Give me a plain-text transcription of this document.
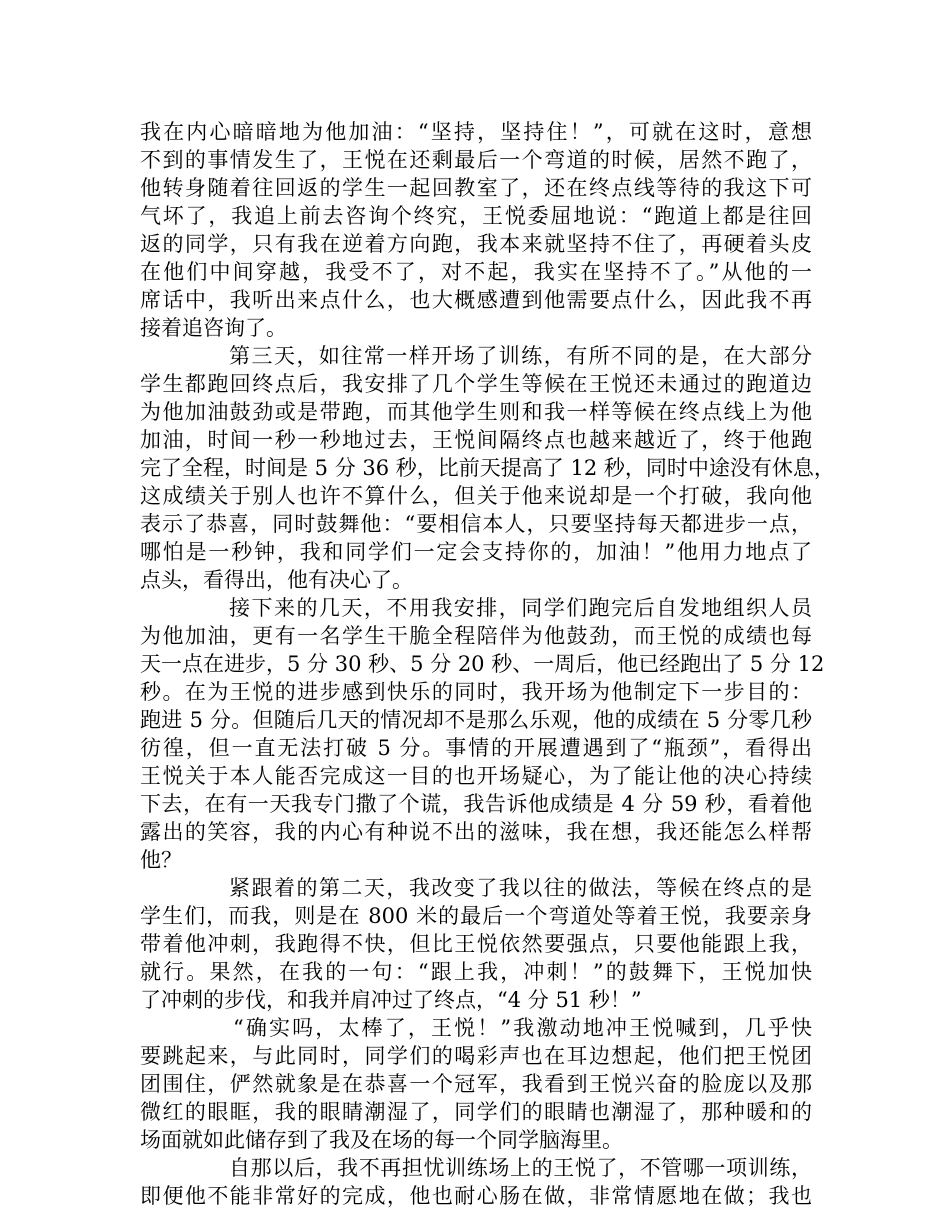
我在内心暗暗地为他加油：“坚持，坚持住！”，可就在这时，意想
不到的事情发生了，王悦在还剩最后一个弯道的时候，居然不跑了，
他转身随着往回返的学生一起回教室了，还在终点线等待的我这下可
气坏了，我追上前去咨询个终究，王悦委屈地说：“跑道上都是往回
返的同学，只有我在逆着方向跑，我本来就坚持不住了，再硬着头皮
在他们中间穿越，我受不了，对不起，我实在坚持不了。”从他的一
席话中，我听出来点什么，也大概感遭到他需要点什么，因此我不再
接着追咨询了。
第三天，如往常一样开场了训练，有所不同的是，在大部分
学生都跑回终点后，我安排了几个学生等候在王悦还未通过的跑道边
为他加油鼓劲或是带跑，而其他学生则和我一样等候在终点线上为他
加油，时间一秒一秒地过去，王悦间隔终点也越来越近了，终于他跑
完了全程，时间是 5 分 36 秒，比前天提高了 12 秒，同时中途没有休息，
这成绩关于别人也许不算什么，但关于他来说却是一个打破，我向他
表示了恭喜，同时鼓舞他：“要相信本人，只要坚持每天都进步一点，
哪怕是一秒钟，我和同学们一定会支持你的，加油！”他用力地点了
点头，看得出，他有决心了。
接下来的几天，不用我安排，同学们跑完后自发地组织人员
为他加油，更有一名学生干脆全程陪伴为他鼓劲，而王悦的成绩也每
天一点在进步，5 分 30 秒、5 分 20 秒、一周后，他已经跑出了 5 分 12
秒。在为王悦的进步感到快乐的同时，我开场为他制定下一步目的：
跑进 5 分。但随后几天的情况却不是那么乐观，他的成绩在 5 分零几秒
彷徨，但一直无法打破 5 分。事情的开展遭遇到了“瓶颈”，看得出
王悦关于本人能否完成这一目的也开场疑心，为了能让他的决心持续
下去，在有一天我专门撒了个谎，我告诉他成绩是 4 分 59 秒，看着他
露出的笑容，我的内心有种说不出的滋味，我在想，我还能怎么样帮
他？
紧跟着的第二天，我改变了我以往的做法，等候在终点的是
学生们，而我，则是在 800 米的最后一个弯道处等着王悦，我要亲身
带着他冲刺，我跑得不快，但比王悦依然要强点，只要他能跟上我，
就行。果然，在我的一句：“跟上我，冲刺！”的鼓舞下，王悦加快
了冲刺的步伐，和我并肩冲过了终点，“4 分 51 秒！”
“确实吗，太棒了，王悦！”我激动地冲王悦喊到，几乎快
要跳起来，与此同时，同学们的喝彩声也在耳边想起，他们把王悦团
团围住，俨然就象是在恭喜一个冠军，我看到王悦兴奋的脸庞以及那
微红的眼眶，我的眼睛潮湿了，同学们的眼睛也潮湿了，那种暖和的
场面就如此储存到了我及在场的每一个同学脑海里。
自那以后，我不再担忧训练场上的王悦了，不管哪一项训练，
即便他不能非常好的完成，他也耐心肠在做，非常情愿地在做；我也
